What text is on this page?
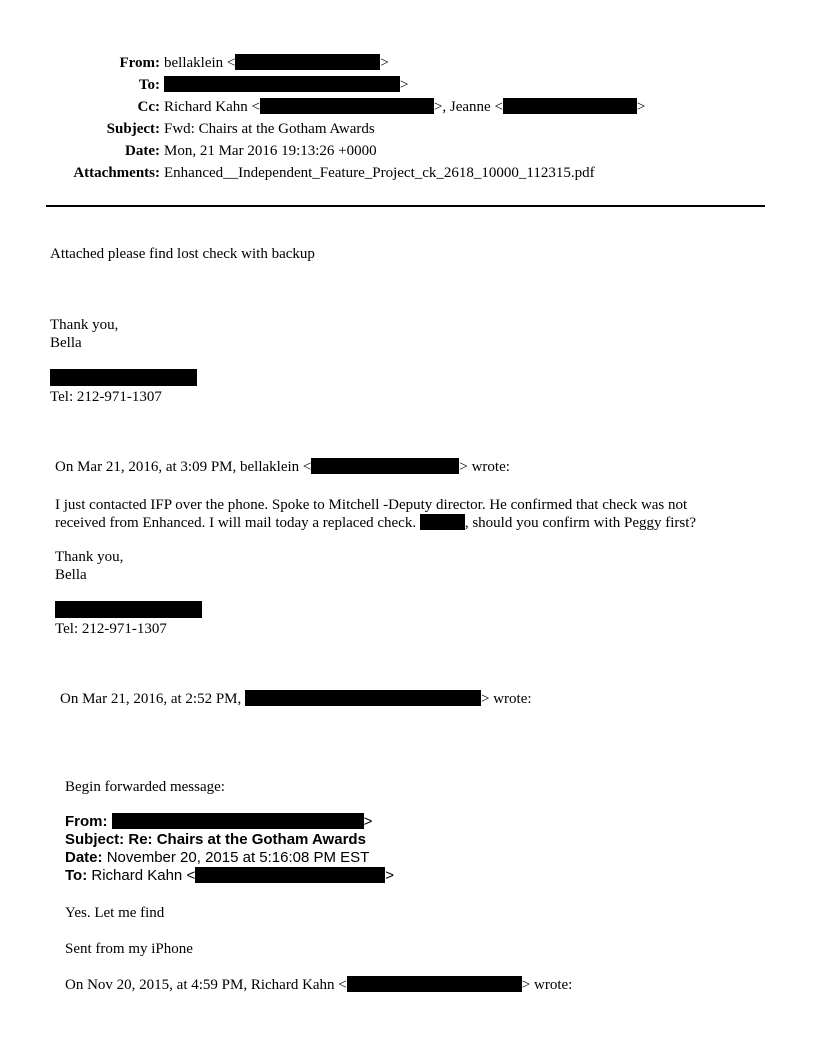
From: bellaklein <	>
To:	>
Cc: Richard Kahn <	>, Jeanne <	>
Subject: Fwd: Chairs at the Gotham Awards
Date: Mon, 21 Mar 2016 19:13:26 +0000
Attachments: Enhanced__Independent_Feature_Project_ck_2618_10000_112315.pdf
Attached please find lost check with backup
Thank you,
Bella
Tel: 212-971-1307
On Mar 21, 2016, at 3:09 PM, bellaklein <	> wrote:
I just contacted IFP over the phone. Spoke to Mitchell -Deputy director. He confirmed that check was not
received from Enhanced. I will mail today a replaced check.	, should you confirm with Peggy first?
Thank you,
Bella
Tel: 212-971-1307
On Mar 21, 2016, at 2:52 PM,	> wrote:
Begin forwarded message:
From:	>
Subject: Re: Chairs at the Gotham Awards
Date: November 20, 2015 at 5:16:08 PM EST
To: Richard Kahn <	>
Yes. Let me find
Sent from my iPhone
On Nov 20, 2015, at 4:59 PM, Richard Kahn <	> wrote:
